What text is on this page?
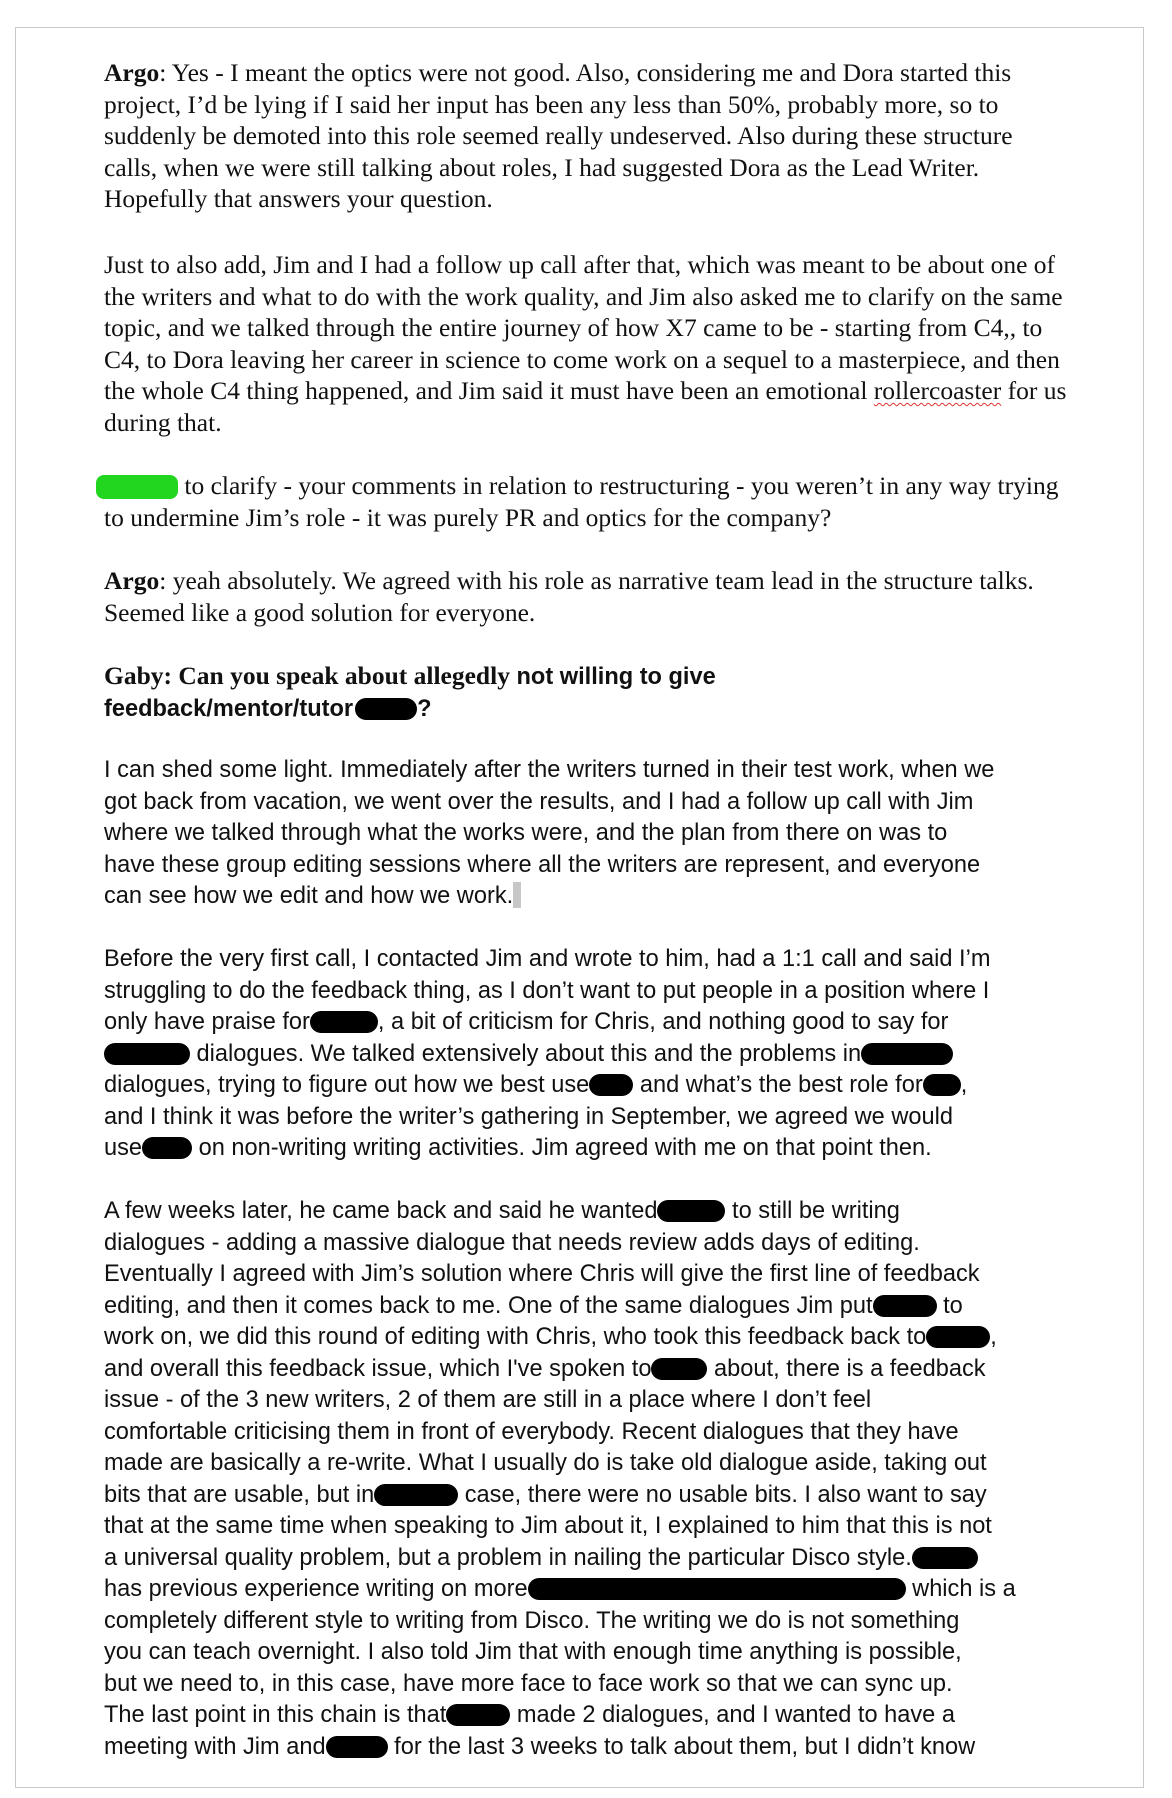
Argo: Yes - I meant the optics were not good. Also, considering me and Dora started this
project, I’d be lying if I said her input has been any less than 50%, probably more, so to
suddenly be demoted into this role seemed really undeserved. Also during these structure
calls, when we were still talking about roles, I had suggested Dora as the Lead Writer.
Hopefully that answers your question.
Just to also add, Jim and I had a follow up call after that, which was meant to be about one of
the writers and what to do with the work quality, and Jim also asked me to clarify on the same
topic, and we talked through the entire journey of how X7 came to be - starting from C4,, to
C4, to Dora leaving her career in science to come work on a sequel to a masterpiece, and then
the whole C4 thing happened, and Jim said it must have been an emotional rollercoaster for us
during that.
to clarify - your comments in relation to restructuring - you weren’t in any way trying
to undermine Jim’s role - it was purely PR and optics for the company?
Argo: yeah absolutely. We agreed with his role as narrative team lead in the structure talks.
Seemed like a good solution for everyone.
Gaby: Can you speak about allegedly not willing to give
feedback/mentor/tutor	?
I can shed some light. Immediately after the writers turned in their test work, when we
got back from vacation, we went over the results, and I had a follow up call with Jim
where we talked through what the works were, and the plan from there on was to
have these group editing sessions where all the writers are represent, and everyone
can see how we edit and how we work.
Before the very first call, I contacted Jim and wrote to him, had a 1:1 call and said I’m
struggling to do the feedback thing, as I don’t want to put people in a position where I
only have praise for	, a bit of criticism for Chris, and nothing good to say for
dialogues. We talked extensively about this and the problems in
dialogues, trying to figure out how we best use and what’s the best role for ,
and I think it was before the writer’s gathering in September, we agreed we would
use on non-writing writing activities. Jim agreed with me on that point then.
A few weeks later, he came back and said he wanted	to still be writing
dialogues - adding a massive dialogue that needs review adds days of editing.
Eventually I agreed with Jim’s solution where Chris will give the first line of feedback
editing, and then it comes back to me. One of the same dialogues Jim put	to
work on, we did this round of editing with Chris, who took this feedback back to	,
and overall this feedback issue, which I've spoken to about, there is a feedback
issue - of the 3 new writers, 2 of them are still in a place where I don’t feel
comfortable criticising them in front of everybody. Recent dialogues that they have
made are basically a re-write. What I usually do is take old dialogue aside, taking out
bits that are usable, but in	case, there were no usable bits. I also want to say
that at the same time when speaking to Jim about it, I explained to him that this is not
a universal quality problem, but a problem in nailing the particular Disco style.
has previous experience writing on more	which is a
completely different style to writing from Disco. The writing we do is not something
you can teach overnight. I also told Jim that with enough time anything is possible,
but we need to, in this case, have more face to face work so that we can sync up.
The last point in this chain is that	made 2 dialogues, and I wanted to have a
meeting with Jim and	for the last 3 weeks to talk about them, but I didn’t know
